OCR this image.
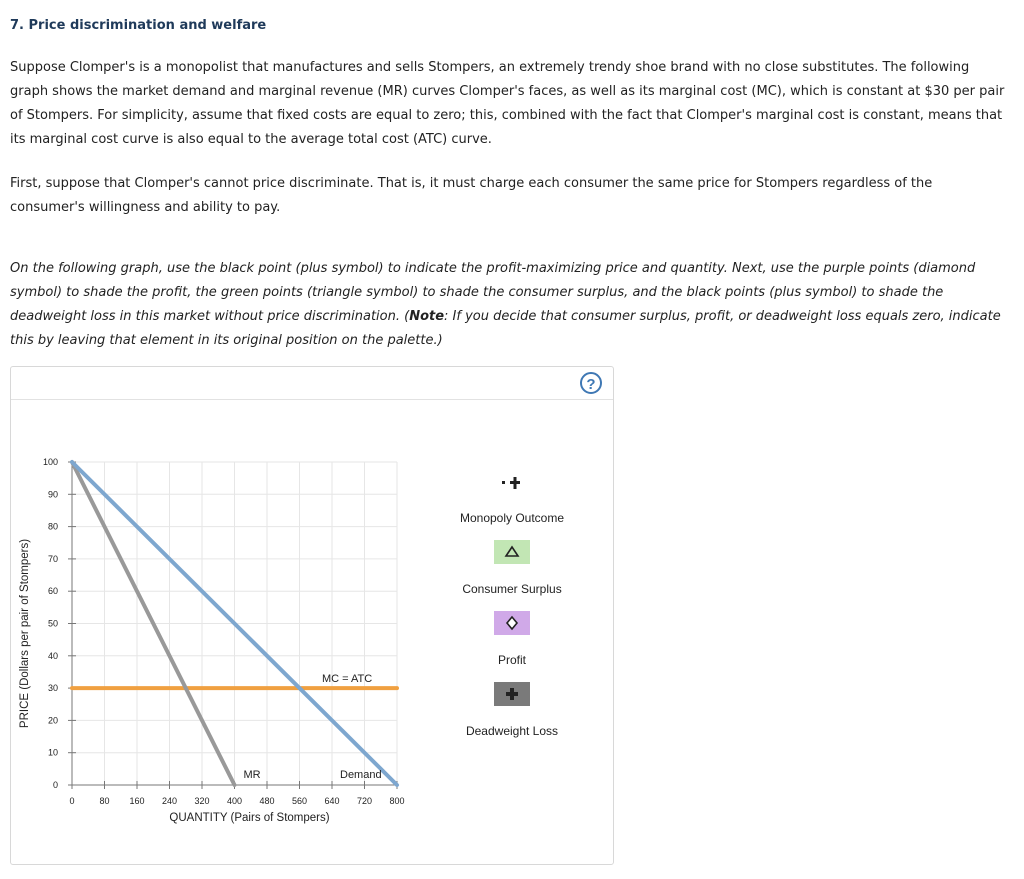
7. Price discrimination and welfare
Suppose Clomper's is a monopolist that manufactures and sells Stompers, an extremely trendy shoe brand with no close substitutes. The following graph shows the market demand and marginal revenue (MR) curves Clomper's faces, as well as its marginal cost (MC), which is constant at $30 per pair of Stompers. For simplicity, assume that fixed costs are equal to zero; this, combined with the fact that Clomper's marginal cost is constant, means that its marginal cost curve is also equal to the average total cost (ATC) curve.
First, suppose that Clomper's cannot price discriminate. That is, it must charge each consumer the same price for Stompers regardless of the consumer's willingness and ability to pay.
On the following graph, use the black point (plus symbol) to indicate the profit-maximizing price and quantity. Next, use the purple points (diamond symbol) to shade the profit, the green points (triangle symbol) to shade the consumer surplus, and the black points (plus symbol) to shade the deadweight loss in this market without price discrimination. (Note: If you decide that consumer surplus, profit, or deadweight loss equals zero, indicate this by leaving that element in its original position on the palette.)
?
0	80 160 240 320 400 480 560 640 720 800
0
10
20
30
40
50
60
70
80
90
100
MC = ATC
MR	Demand
QUANTITY (Pairs of Stompers)
PRICE (Dollars per pair of Stompers)
Monopoly Outcome
Consumer Surplus
Profit
Deadweight Loss
